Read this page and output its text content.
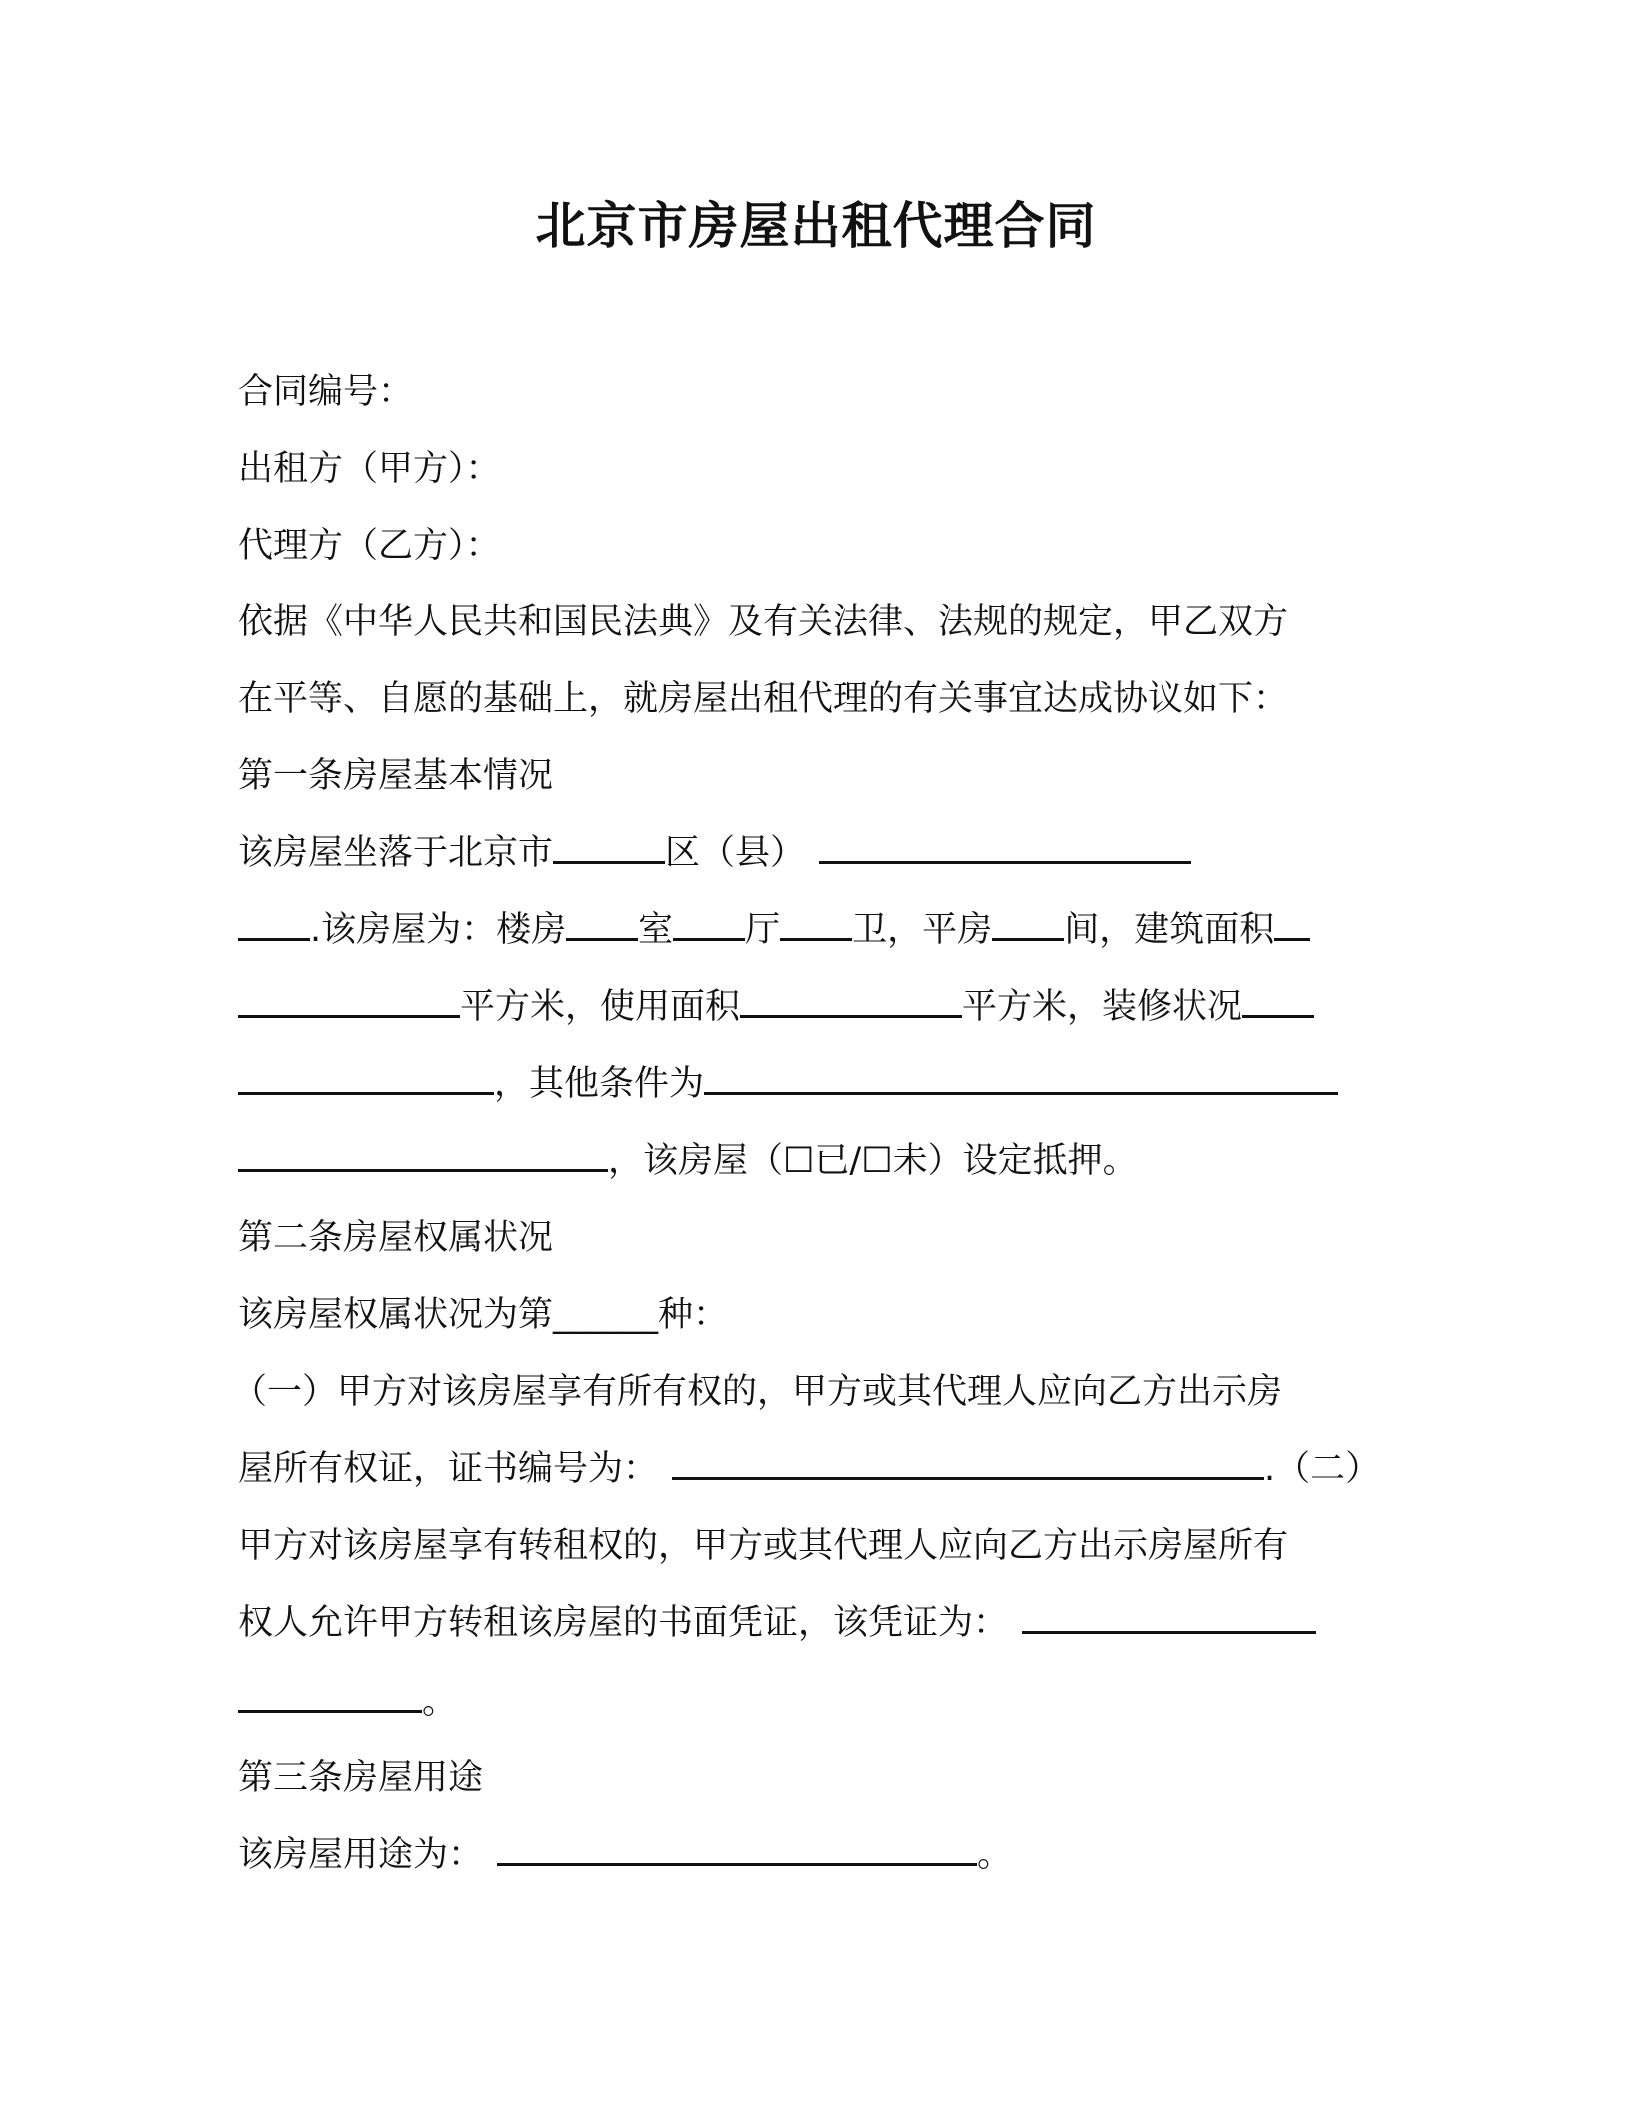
北京市房屋出租代理合同
合同编号：
出租方（甲方）：
代理方（乙方）：
依据《中华人民共和国民法典》及有关法律、法规的规定，甲乙双方
在平等、自愿的基础上，就房屋出租代理的有关事宜达成协议如下：
第一条房屋基本情况
该房屋坐落于北京市	区（县）
.该房屋为：楼房 室 厅 卫，平房 间，建筑面积
平方米，使用面积	平方米，装修状况
，其他条件为
，该房屋（☐已/☐未）设定抵押。
第二条房屋权属状况
该房屋权属状况为第______种：
（一）甲方对该房屋享有所有权的，甲方或其代理人应向乙方出示房
屋所有权证，证书编号为：	.（二）
甲方对该房屋享有转租权的，甲方或其代理人应向乙方出示房屋所有
权人允许甲方转租该房屋的书面凭证，该凭证为：
。
第三条房屋用途
该房屋用途为：	。
